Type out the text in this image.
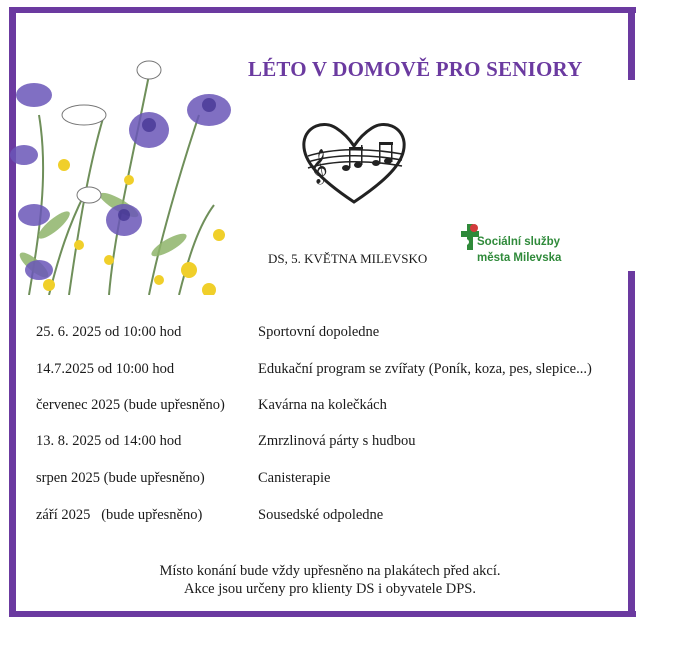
LÉTO V DOMOVĚ PRO SENIORY
𝄞
DS, 5. KVĚTNA MILEVSKO
Sociální služby
města Milevska
25. 6. 2025 od 10:00 hod	Sportovní dopoledne
14.7.2025 od 10:00 hod	Edukační program se zvířaty (Poník, koza, pes, slepice...)
červenec 2025 (bude upřesněno) Kavárna na kolečkách
13. 8. 2025 od 14:00 hod	Zmrzlinová párty s hudbou
srpen 2025 (bude upřesněno)	Canisterapie
září 2025   (bude upřesněno)	Sousedské odpoledne
Místo konání bude vždy upřesněno na plakátech před akcí.
Akce jsou určeny pro klienty DS i obyvatele DPS.
